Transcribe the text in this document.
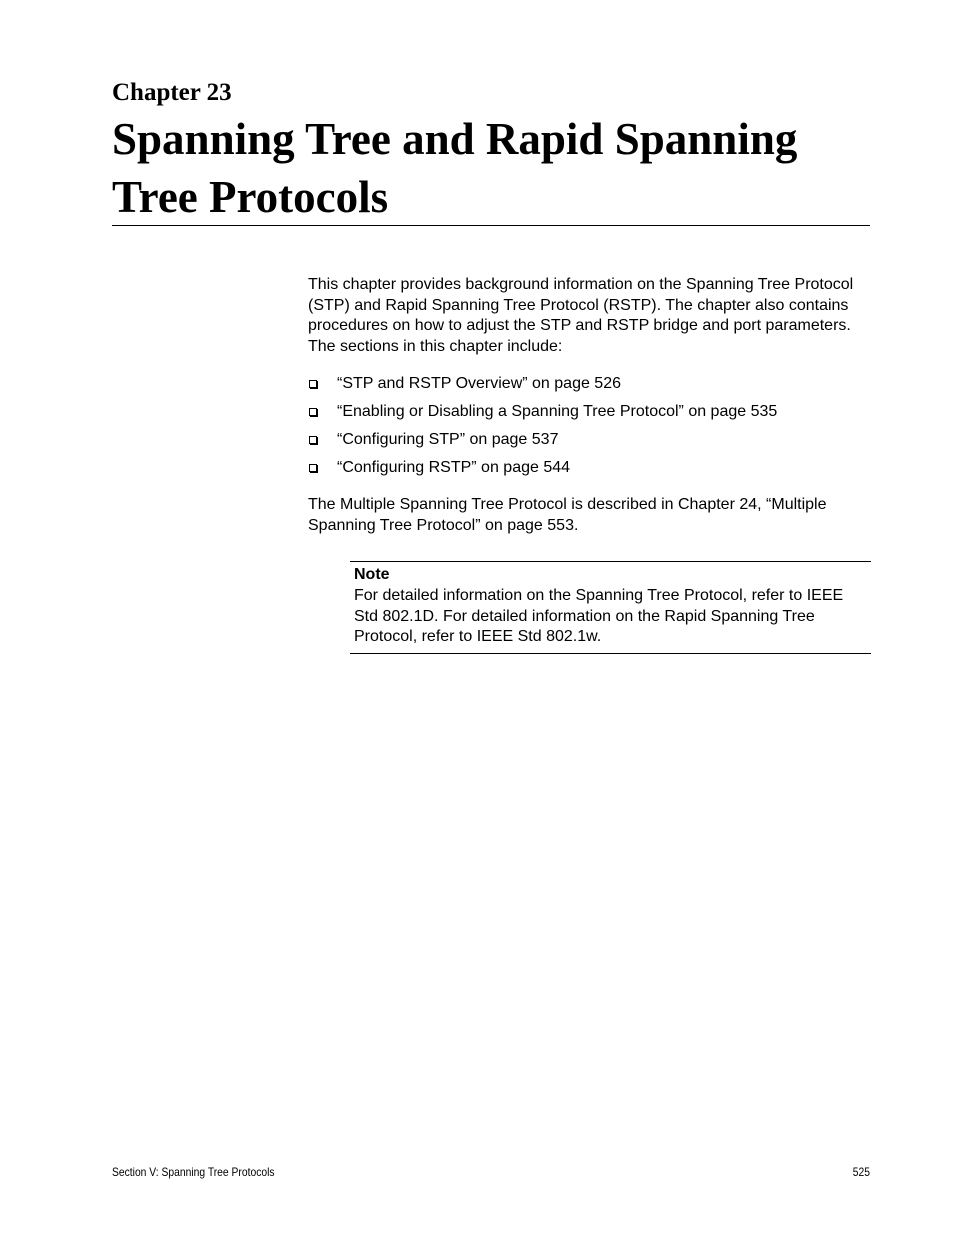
Chapter 23
Spanning Tree and Rapid Spanning Tree Protocols

This chapter provides background information on the Spanning Tree Protocol (STP) and Rapid Spanning Tree Protocol (RSTP). The chapter also contains procedures on how to adjust the STP and RSTP bridge and port parameters. The sections in this chapter include:

“STP and RSTP Overview” on page 526
“Enabling or Disabling a Spanning Tree Protocol” on page 535
“Configuring STP” on page 537
“Configuring RSTP” on page 544

The Multiple Spanning Tree Protocol is described in Chapter 24, “Multiple Spanning Tree Protocol” on page 553.

Note

For detailed information on the Spanning Tree Protocol, refer to IEEE Std 802.1D. For detailed information on the Rapid Spanning Tree Protocol, refer to IEEE Std 802.1w.

Section V: Spanning Tree Protocols	525
